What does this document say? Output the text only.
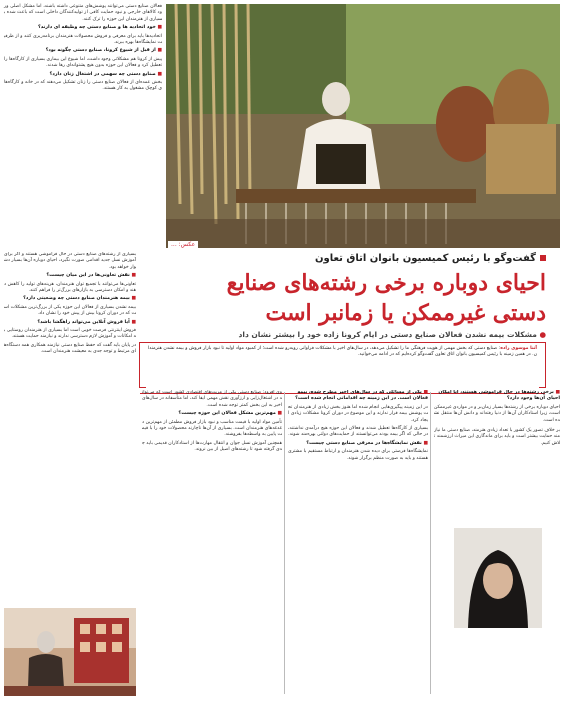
فعالان صنایع دستی می‌توانند پوشش‌های متنوعی داشته باشند، اما مشکل اصلی ورود کالاهای خارجی و نبود حمایت کافی از تولیدکنندگان داخلی است که باعث شده بسیاری از هنرمندان این حوزه را ترک کنند.
■ خود اتحادیه ها و صنایع دستی چه وظیفه ای دارند؟
اتحادیه‌ها باید برای معرفی و فروش محصولات هنرمندان برنامه‌ریزی کنند و از ظرفیت نمایشگاه‌ها بهره ببرند.
■ از قبل از شیوع کرونا، صنایع دستی چگونه بود؟
پیش از کرونا هم مشکلاتی وجود داشت، اما شیوع این بیماری بسیاری از کارگاه‌ها را تعطیل کرد و فعالان این حوزه بدون هیچ پشتوانه‌ای رها شدند.
■ صنایع دستی چه سهمی در اشتغال زنان دارد؟
بخش عمده‌ای از فعالان صنایع دستی را زنان تشکیل می‌دهند که در خانه و کارگاه‌های کوچک مشغول به کار هستند.
عکس: ...
بسیاری از رشته‌های صنایع دستی در حال فراموشی هستند و اگر برای آموزش نسل جدید اقدامی صورت نگیرد، احیای دوباره آن‌ها بسیار دشوار خواهد بود.
■ نقش تعاونی‌ها در این میان چیست؟
تعاونی‌ها می‌توانند با تجمیع توان هنرمندان، هزینه‌های تولید را کاهش دهند و امکان دسترسی به بازارهای بزرگ‌تر را فراهم کنند.
■ بیمه هنرمندان صنایع دستی چه وضعیتی دارد؟
بیمه نشدن بسیاری از فعالان این حوزه یکی از بزرگ‌ترین مشکلات است که در دوران کرونا بیش از پیش خود را نشان داد.
■ آیا فروش آنلاین می‌تواند راهگشا باشد؟
فروش اینترنتی فرصت خوبی است اما بسیاری از هنرمندان روستایی به امکانات و آموزش لازم دسترسی ندارند و نیازمند حمایت هستند.
در پایان باید گفت که حفظ صنایع دستی نیازمند همکاری همه دستگاه‌های مرتبط و توجه جدی به معیشت هنرمندان است.
گفت‌وگو با رئیس کمیسیون بانوان اتاق تعاون
احیای دوباره برخی رشته‌های صنایع دستی غیرممکن یا زمانبر است
● مشکلات بیمه نشدن فعالان صنایع دستی در ایام کرونا زاده خود را بیشتر نشان داد
آتنا موسوی زاده: صنایع دستی که بخش مهمی از هویت فرهنگی ما را تشکیل می‌دهد، در سال‌های اخیر با مشکلات فراوانی روبه‌رو شده است؛ از کمبود مواد اولیه تا نبود بازار فروش و بیمه نشدن هنرمندان. در همین زمینه با رئیس کمیسیون بانوان اتاق تعاون گفت‌وگو کرده‌ایم که در ادامه می‌خوانید.
وی افزود: صنایع دستی یکی از مزیت‌های اقتصادی کشور است که می‌تواند در اشتغال‌زایی و ارزآوری نقش مهمی ایفا کند، اما متأسفانه در سال‌های اخیر به این بخش کمتر توجه شده است.
■ مهم‌ترین مشکل فعالان این حوزه چیست؟
تأمین مواد اولیه با قیمت مناسب و نبود بازار فروش مطمئن از مهم‌ترین دغدغه‌های هنرمندان است. بسیاری از آن‌ها ناچارند محصولات خود را با قیمت پایین به واسطه‌ها بفروشند.
همچنین آموزش نسل جوان و انتقال مهارت‌ها از استادکاران قدیمی باید جدی گرفته شود تا رشته‌های اصیل از بین نروند.
■ یکی از مسائلی که در سال‌های اخیر مطرح شده، بیمه فعالان است. در این زمینه چه اقداماتی انجام شده است؟
در این زمینه پیگیری‌هایی انجام شده اما هنوز بخش زیادی از هنرمندان تحت پوشش بیمه قرار ندارند و این موضوع در دوران کرونا مشکلات زیادی ایجاد کرد.
بسیاری از کارگاه‌ها تعطیل شدند و فعالان این حوزه هیچ درآمدی نداشتند، در حالی که اگر بیمه بودند می‌توانستند از حمایت‌های دولتی بهره‌مند شوند.
■ نقش نمایشگاه‌ها در معرفی صنایع دستی چیست؟
نمایشگاه‌ها فرصتی برای دیده شدن هنرمندان و ارتباط مستقیم با مشتری هستند و باید به صورت منظم برگزار شوند.
■ برخی رشته‌ها در حال فراموشی هستند، آیا امکان احیای آن‌ها وجود دارد؟
احیای دوباره برخی از رشته‌ها بسیار زمان‌بر و در مواردی غیرممکن است، زیرا استادکاران آن‌ها از دنیا رفته‌اند و دانش آن‌ها منتقل نشده است.
بر خلاف تصور یک کشور با تعداد زیادی هنرمند، صنایع دستی ما نیازمند حمایت بیشتر است و باید برای ماندگاری این میراث ارزشمند تلاش کنیم.
